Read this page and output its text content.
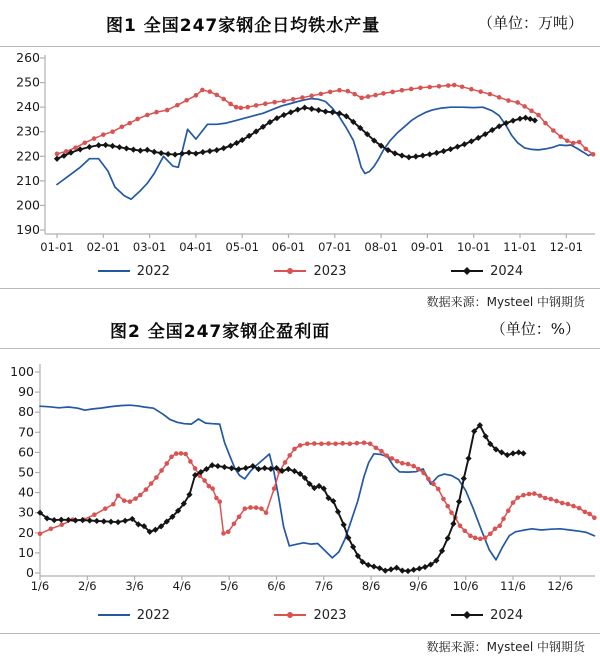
图1 全国247家钢企日均铁水产量	（单位：万吨）
190
200
210
220
230
240
250
260
01-01 02-01 03-01 04-01 05-01 06-01 07-01 08-01 09-01 10-01 11-01 12-01
2022	2023	2024
数据来源：Mysteel 中钢期货
图2 全国247家钢企盈利面	（单位：%）
0
10
20
30
40
50
60
70
80
90
100
1/6	2/6	3/6	4/6	5/6	6/6	7/6	8/6	9/6 10/6 11/6 12/6
2022	2023	2024
数据来源：Mysteel 中钢期货
